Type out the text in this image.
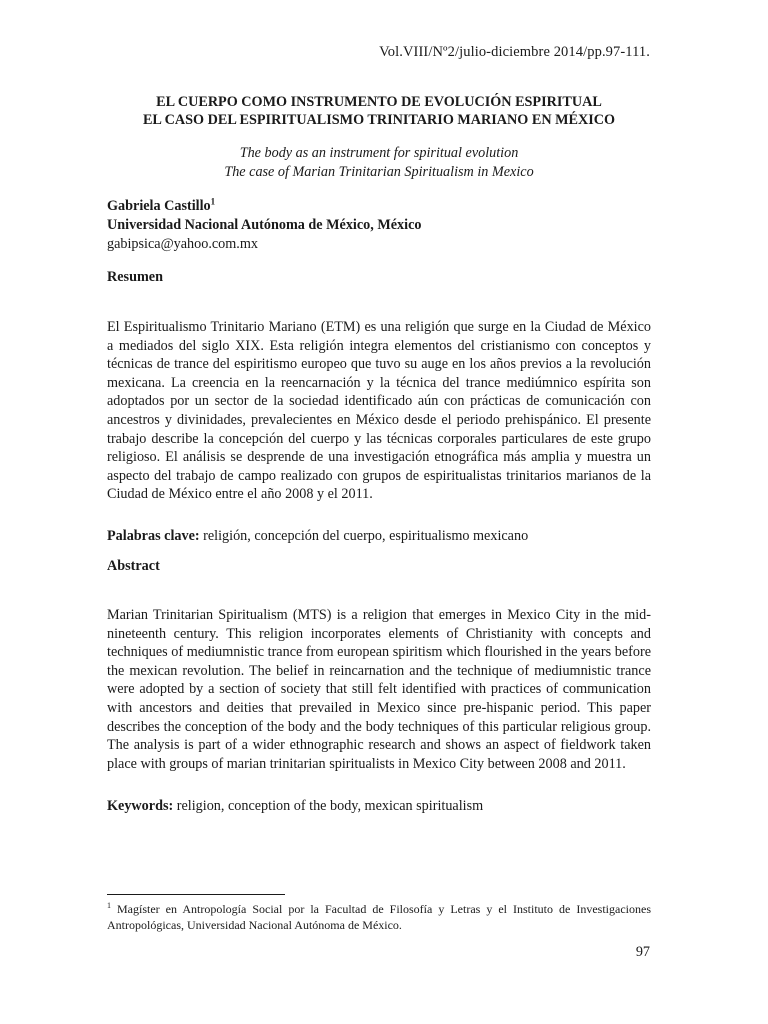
Vol.VIII/Nº2/julio-diciembre 2014/pp.97-111.
EL CUERPO COMO INSTRUMENTO DE EVOLUCIÓN ESPIRITUAL
EL CASO DEL ESPIRITUALISMO TRINITARIO MARIANO EN MÉXICO
The body as an instrument for spiritual evolution
The case of Marian Trinitarian Spiritualism in Mexico
Gabriela Castillo$^1$
Universidad Nacional Autónoma de México, México
gabipsica@yahoo.com.mx
Resumen
El Espiritualismo Trinitario Mariano (ETM) es una religión que surge en la Ciudad de México a mediados del siglo XIX. Esta religión integra elementos del cristianismo con conceptos y técnicas de trance del espiritismo europeo que tuvo su auge en los años previos a la revolución mexicana. La creencia en la reencarnación y la técnica del trance mediúmnico espírita son adoptados por un sector de la sociedad identificado aún con prácticas de comunicación con ancestros y divinidades, prevalecientes en México desde el periodo prehispánico. El presente trabajo describe la concepción del cuerpo y las técnicas corporales particulares de este grupo religioso. El análisis se desprende de una investigación etnográfica más amplia y muestra un aspecto del trabajo de campo realizado con grupos de espiritualistas trinitarios marianos de la Ciudad de México entre el año 2008 y el 2011.
Palabras clave: religión, concepción del cuerpo, espiritualismo mexicano
Abstract
Marian Trinitarian Spiritualism (MTS) is a religion that emerges in Mexico City in the mid-nineteenth century. This religion incorporates elements of Christianity with concepts and techniques of mediumnistic trance from european spiritism which flourished in the years before the mexican revolution. The belief in reincarnation and the technique of mediumnistic trance were adopted by a section of society that still felt identified with practices of communication with ancestors and deities that prevailed in Mexico since pre-hispanic period. This paper describes the conception of the body and the body techniques of this particular religious group. The analysis is part of a wider ethnographic research and shows an aspect of fieldwork taken place with groups of marian trinitarian spiritualists in Mexico City between 2008 and 2011.
Keywords: religion, conception of the body, mexican spiritualism
$^1$ Magíster en Antropología Social por la Facultad de Filosofía y Letras y el Instituto de Investigaciones Antropológicas, Universidad Nacional Autónoma de México.
97
